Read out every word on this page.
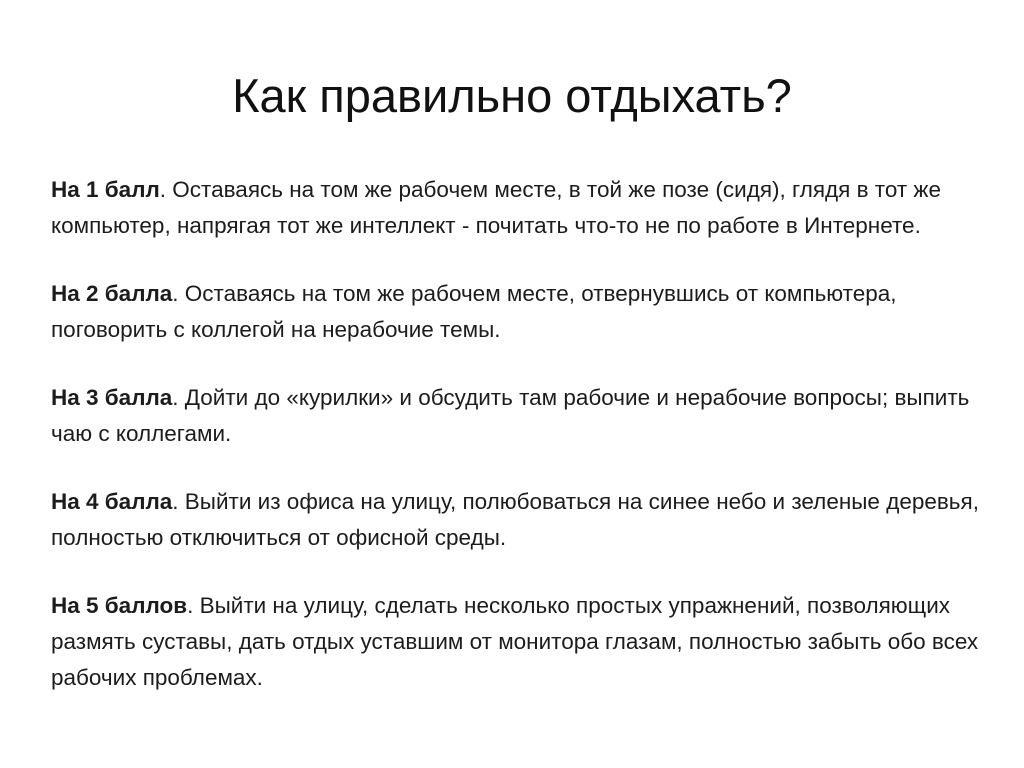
Как правильно отдыхать?

На 1 балл. Оставаясь на том же рабочем месте, в той же позе (сидя), глядя в тот же компьютер, напрягая тот же интеллект - почитать что-то не по работе в Интернете.

На 2 балла. Оставаясь на том же рабочем месте, отвернувшись от компьютера, поговорить с коллегой на нерабочие темы.

На 3 балла. Дойти до «курилки» и обсудить там рабочие и нерабочие вопросы; выпить чаю с коллегами.

На 4 балла. Выйти из офиса на улицу, полюбоваться на синее небо и зеленые деревья, полностью отключиться от офисной среды.

На 5 баллов. Выйти на улицу, сделать несколько простых упражнений, позволяющих размять суставы, дать отдых уставшим от монитора глазам, полностью забыть обо всех рабочих проблемах.
